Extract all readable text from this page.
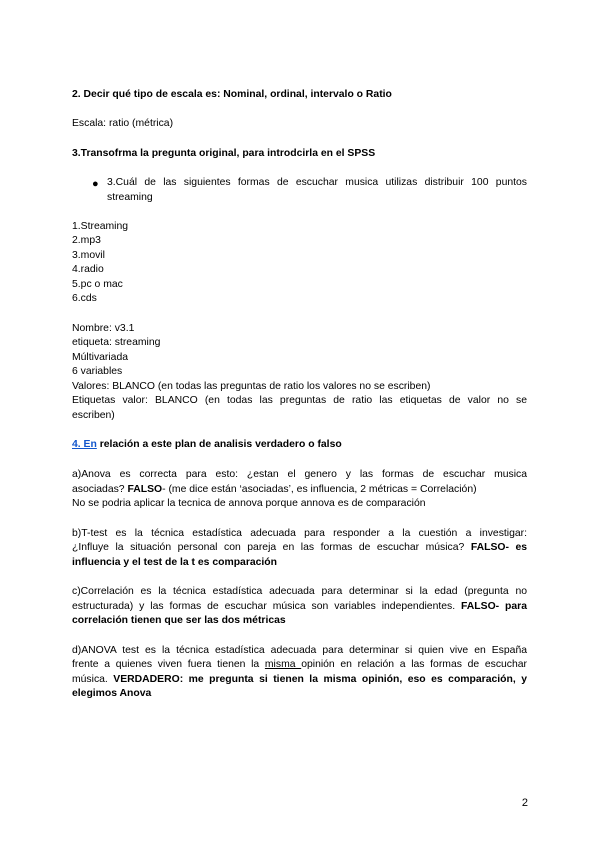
2. Decir qué tipo de escala es: Nominal, ordinal, intervalo o Ratio
Escala: ratio (métrica)
3.Transofrma la pregunta original, para introdcirla en el SPSS
● 3.Cuál de las siguientes formas de escuchar musica utilizas distribuir 100 puntos
streaming
1.Streaming
2.mp3
3.movil
4.radio
5.pc o mac
6.cds
Nombre: v3.1
etiqueta: streaming
Múltivariada
6 variables
Valores: BLANCO (en todas las preguntas de ratio los valores no se escriben)
Etiquetas valor: BLANCO (en todas las preguntas de ratio las etiquetas de valor no se
escriben)
4. En relación a este plan de analisis verdadero o falso
a)Anova es correcta para esto: ¿estan el genero y las formas de escuchar musica
asociadas? FALSO- (me dice están ‘asociadas’, es influencia, 2 métricas = Correlación)
No se podria aplicar la tecnica de annova porque annova es de comparación
b)T-test es la técnica estadística adecuada para responder a la cuestión a investigar:
¿Influye la situación personal con pareja en las formas de escuchar música? FALSO- es
influencia y el test de la t es comparación
c)Correlación es la técnica estadística adecuada para determinar si la edad (pregunta no
estructurada) y las formas de escuchar música son variables independientes. FALSO- para
correlación tienen que ser las dos métricas
d)ANOVA test es la técnica estadística adecuada para determinar si quien vive en España
frente a quienes viven fuera tienen la misma opinión en relación a las formas de escuchar
música. VERDADERO: me pregunta si tienen la misma opinión, eso es comparación, y
elegimos Anova
2
